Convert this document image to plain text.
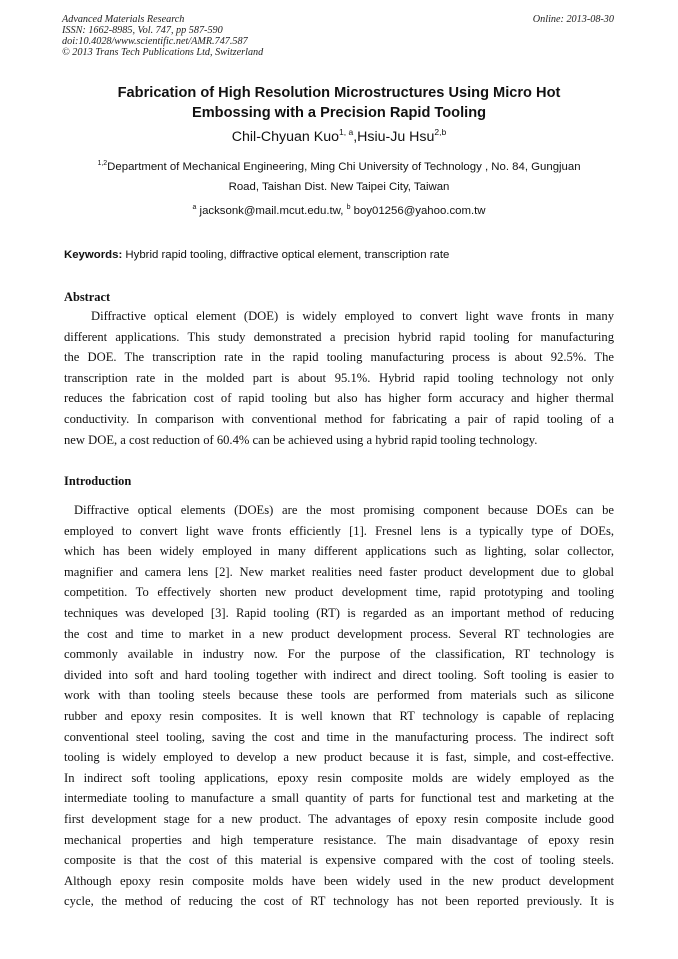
Advanced Materials Research
ISSN: 1662-8985, Vol. 747, pp 587-590
doi:10.4028/www.scientific.net/AMR.747.587
© 2013 Trans Tech Publications Ltd, Switzerland
Online: 2013-08-30
Fabrication of High Resolution Microstructures Using Micro Hot
Embossing with a Precision Rapid Tooling
Chil-Chyuan Kuo$^{1, a}$,Hsiu-Ju Hsu$^{2,b}$
$^{1,2}$Department of Mechanical Engineering, Ming Chi University of Technology , No. 84, Gungjuan
Road, Taishan Dist. New Taipei City, Taiwan
$^a$ jacksonk@mail.mcut.edu.tw, $^b$ boy01256@yahoo.com.tw
Keywords: Hybrid rapid tooling, diffractive optical element, transcription rate
Abstract
Diffractive optical element (DOE) is widely employed to convert light wave fronts in many
different applications. This study demonstrated a precision hybrid rapid tooling for manufacturing
the DOE. The transcription rate in the rapid tooling manufacturing process is about 92.5%. The
transcription rate in the molded part is about 95.1%. Hybrid rapid tooling technology not only
reduces the fabrication cost of rapid tooling but also has higher form accuracy and higher thermal
conductivity. In comparison with conventional method for fabricating a pair of rapid tooling of a
new DOE, a cost reduction of 60.4% can be achieved using a hybrid rapid tooling technology.
Introduction
Diffractive optical elements (DOEs) are the most promising component because DOEs can be
employed to convert light wave fronts efficiently [1]. Fresnel lens is a typically type of DOEs,
which has been widely employed in many different applications such as lighting, solar collector,
magnifier and camera lens [2]. New market realities need faster product development due to global
competition. To effectively shorten new product development time, rapid prototyping and tooling
techniques was developed [3]. Rapid tooling (RT) is regarded as an important method of reducing
the cost and time to market in a new product development process. Several RT technologies are
commonly available in industry now. For the purpose of the classification, RT technology is
divided into soft and hard tooling together with indirect and direct tooling. Soft tooling is easier to
work with than tooling steels because these tools are performed from materials such as silicone
rubber and epoxy resin composites. It is well known that RT technology is capable of replacing
conventional steel tooling, saving the cost and time in the manufacturing process. The indirect soft
tooling is widely employed to develop a new product because it is fast, simple, and cost-effective.
In indirect soft tooling applications, epoxy resin composite molds are widely employed as the
intermediate tooling to manufacture a small quantity of parts for functional test and marketing at the
first development stage for a new product. The advantages of epoxy resin composite include good
mechanical properties and high temperature resistance. The main disadvantage of epoxy resin
composite is that the cost of this material is expensive compared with the cost of tooling steels.
Although epoxy resin composite molds have been widely used in the new product development
cycle, the method of reducing the cost of RT technology has not been reported previously. It is
